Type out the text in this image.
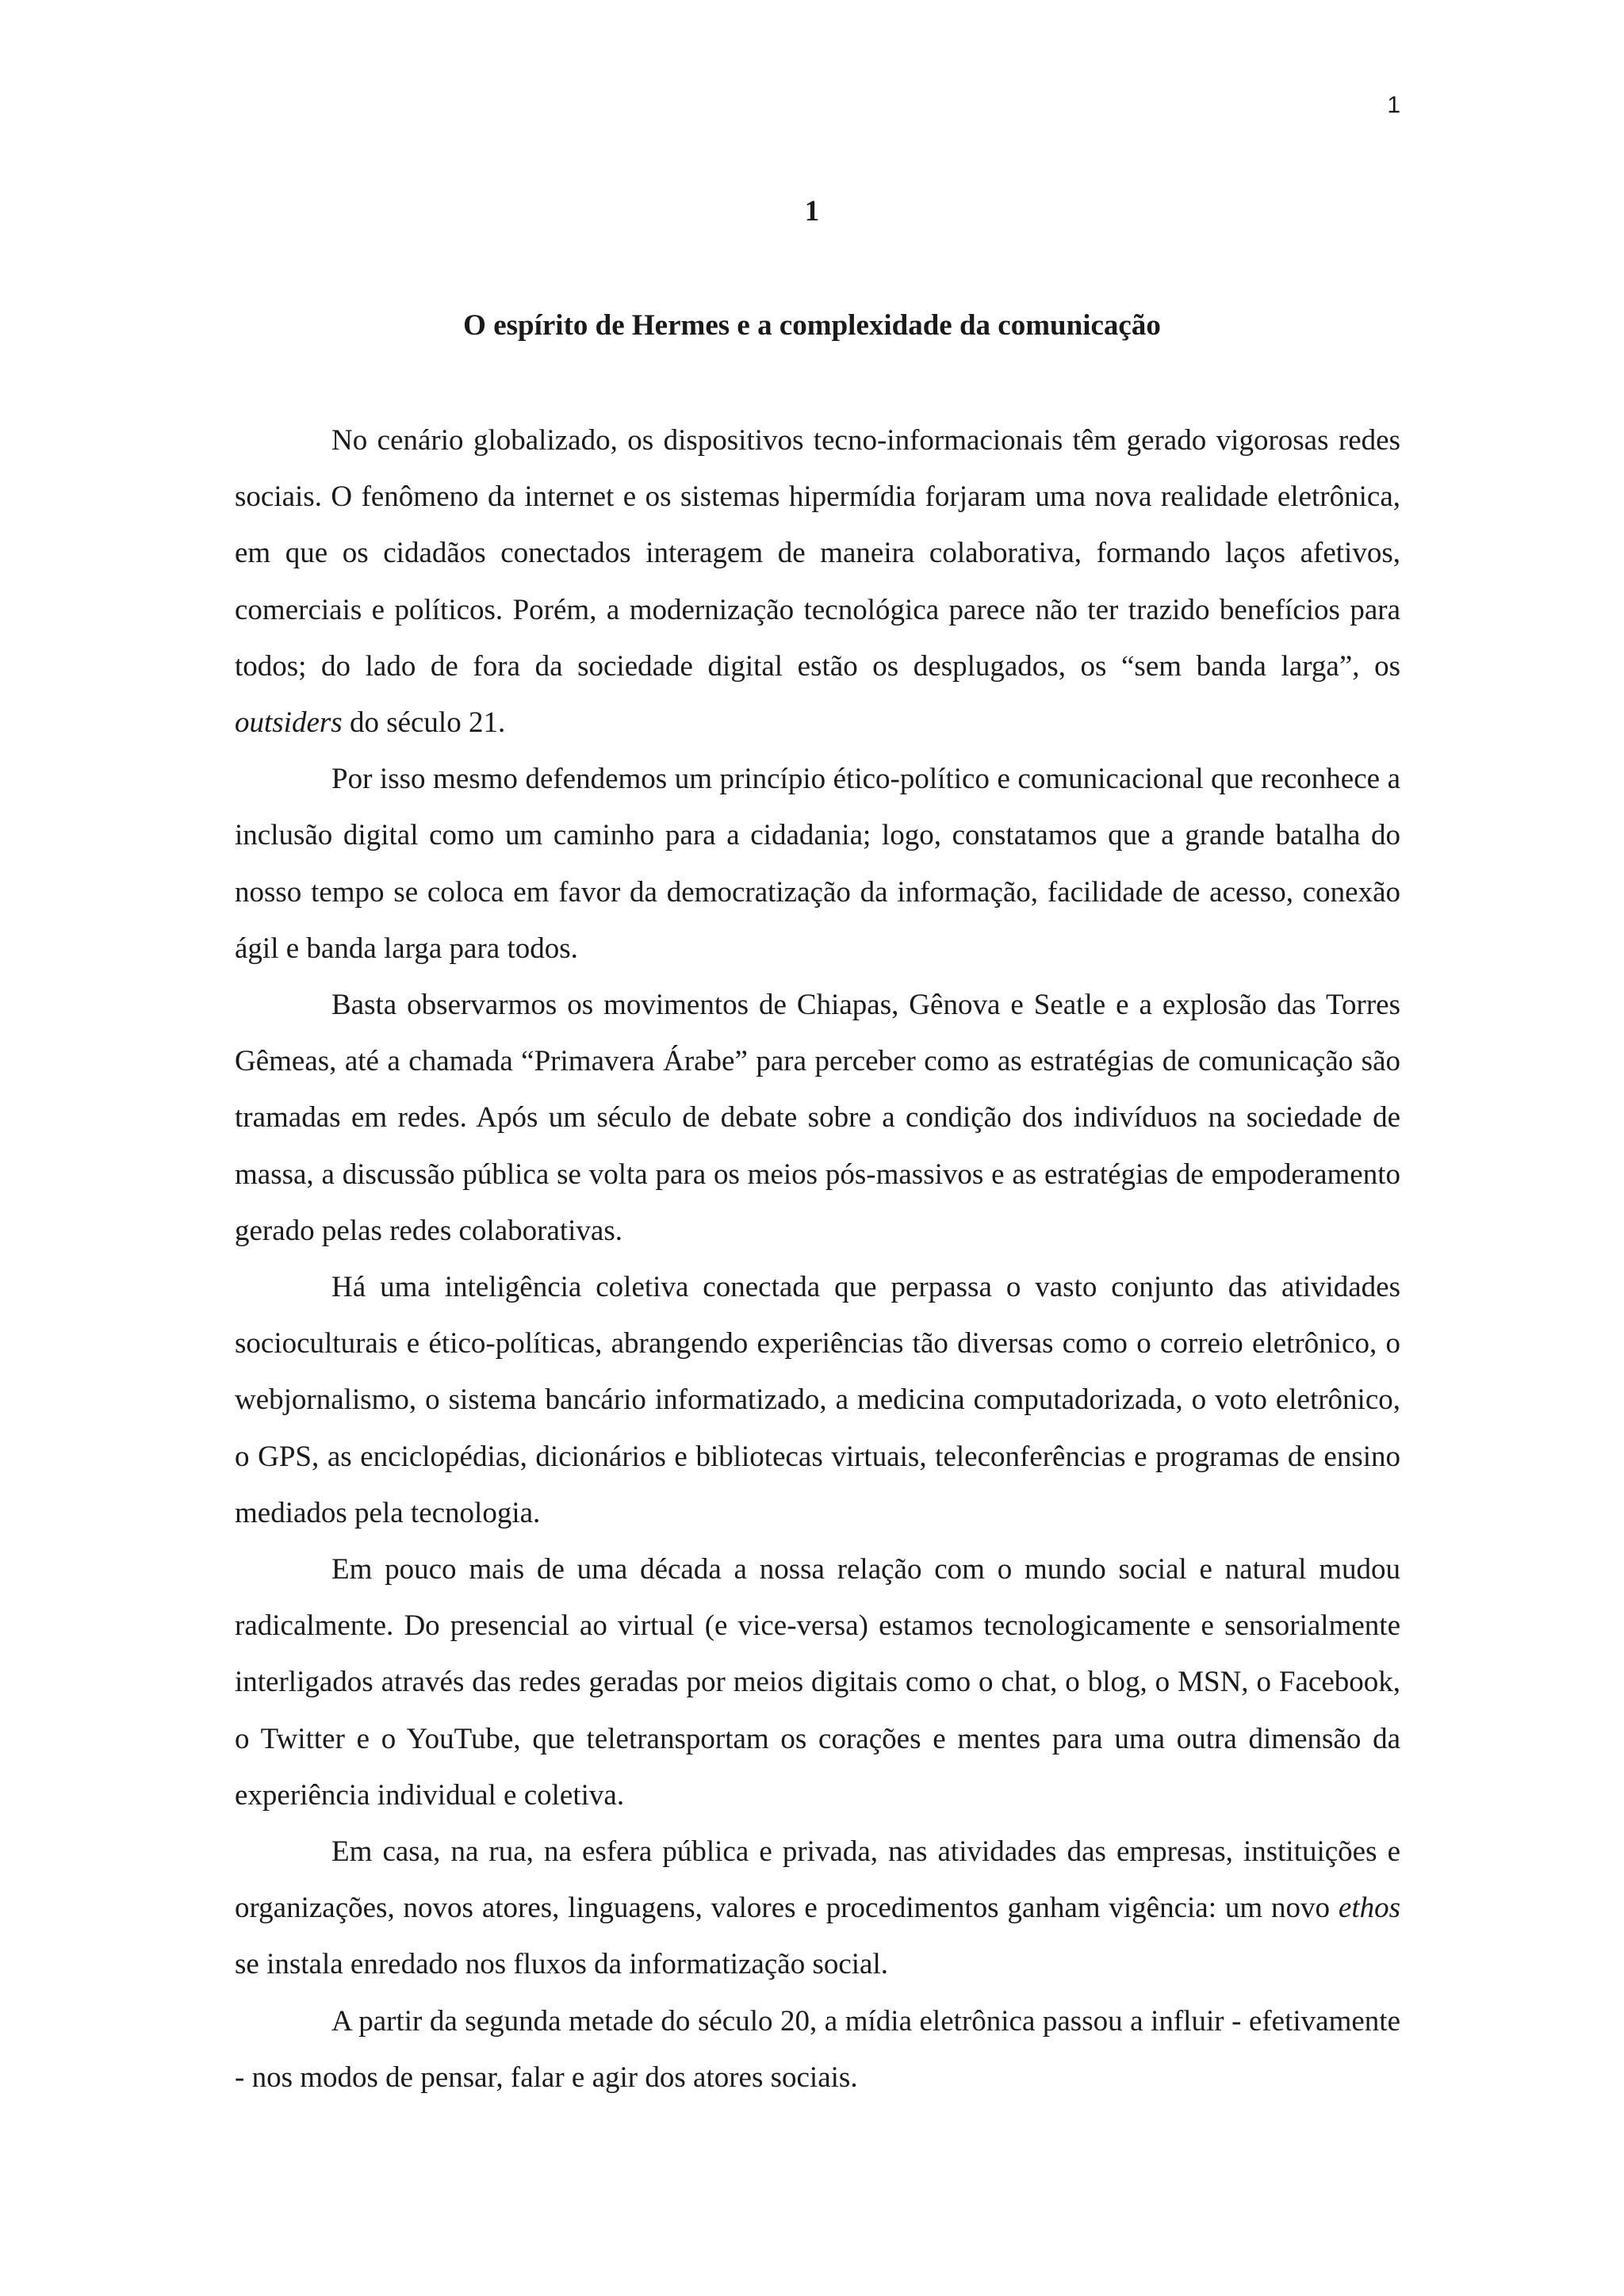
1
1
O espírito de Hermes e a complexidade da comunicação

No cenário globalizado, os dispositivos tecno-informacionais têm gerado vigorosas redes sociais. O fenômeno da internet e os sistemas hipermídia forjaram uma nova realidade eletrônica, em que os cidadãos conectados interagem de maneira colaborativa, formando laços afetivos, comerciais e políticos. Porém, a modernização tecnológica parece não ter trazido benefícios para todos; do lado de fora da sociedade digital estão os desplugados, os “sem banda larga”, os outsiders do século 21.

Por isso mesmo defendemos um princípio ético-político e comunicacional que reconhece a inclusão digital como um caminho para a cidadania; logo, constatamos que a grande batalha do nosso tempo se coloca em favor da democratização da informação, facilidade de acesso, conexão ágil e banda larga para todos.

Basta observarmos os movimentos de Chiapas, Gênova e Seatle e a explosão das Torres Gêmeas, até a chamada “Primavera Árabe” para perceber como as estratégias de comunicação são tramadas em redes. Após um século de debate sobre a condição dos indivíduos na sociedade de massa, a discussão pública se volta para os meios pós-massivos e as estratégias de empoderamento gerado pelas redes colaborativas.

Há uma inteligência coletiva conectada que perpassa o vasto conjunto das atividades socioculturais e ético-políticas, abrangendo experiências tão diversas como o correio eletrônico, o webjornalismo, o sistema bancário informatizado, a medicina computadorizada, o voto eletrônico, o GPS, as enciclopédias, dicionários e bibliotecas virtuais, teleconferências e programas de ensino mediados pela tecnologia.

Em pouco mais de uma década a nossa relação com o mundo social e natural mudou radicalmente. Do presencial ao virtual (e vice-versa) estamos tecnologicamente e sensorialmente interligados através das redes geradas por meios digitais como o chat, o blog, o MSN, o Facebook, o Twitter e o YouTube, que teletransportam os corações e mentes para uma outra dimensão da experiência individual e coletiva.

Em casa, na rua, na esfera pública e privada, nas atividades das empresas, instituições e organizações, novos atores, linguagens, valores e procedimentos ganham vigência: um novo ethos se instala enredado nos fluxos da informatização social.

A partir da segunda metade do século 20, a mídia eletrônica passou a influir - efetivamente - nos modos de pensar, falar e agir dos atores sociais.
